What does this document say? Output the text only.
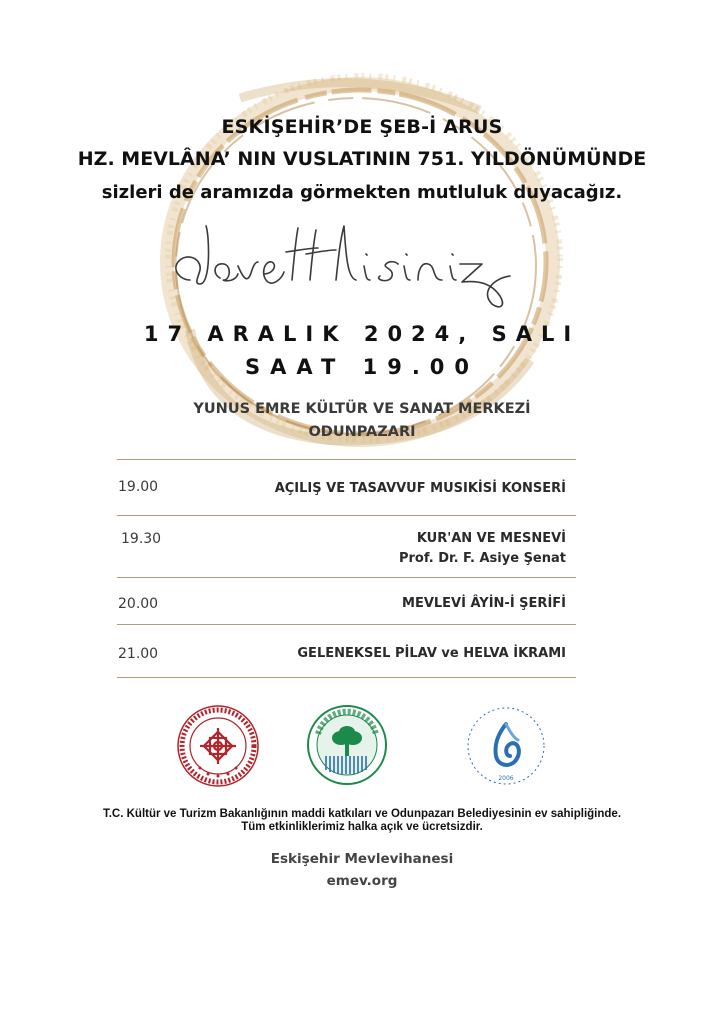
ESKİŞEHİR’DE ŞEB-İ ARUS
HZ. MEVLÂNA’ NIN VUSLATININ 751. YILDÖNÜMÜNDE
sizleri de aramızda görmekten mutluluk duyacağız.
17 ARALIK 2024, SALI
SAAT 19.00
YUNUS EMRE KÜLTÜR VE SANAT MERKEZİ
ODUNPAZARI
19.00	AÇILIŞ VE TASAVVUF MUSIKİSİ KONSERİ
19.30	KUR'AN VE MESNEVİ
Prof. Dr. F. Asiye Şenat
20.00	MEVLEVİ ÂYİN-İ ŞERİFİ
21.00	GELENEKSEL PİLAV ve HELVA İKRAMI
2006
T.C. Kültür ve Turizm Bakanlığının maddi katkıları ve Odunpazarı Belediyesinin ev sahipliğinde.
Tüm etkinliklerimiz halka açık ve ücretsizdir.
Eskişehir Mevlevihanesi
emev.org
